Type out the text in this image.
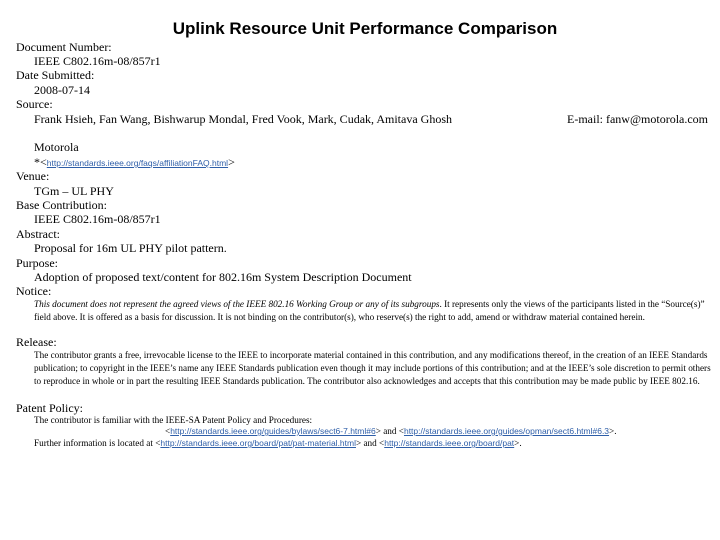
Uplink Resource Unit Performance Comparison
Document Number:
IEEE C802.16m-08/857r1
Date Submitted:
2008-07-14
Source:
Frank Hsieh, Fan Wang, Bishwarup Mondal, Fred Vook, Mark, Cudak, Amitava Ghosh	E-mail: fanw@motorola.com
Motorola
*<http://standards.ieee.org/faqs/affiliationFAQ.html>
Venue:
TGm – UL PHY
Base Contribution:
IEEE C802.16m-08/857r1
Abstract:
Proposal for 16m UL PHY pilot pattern.
Purpose:
Adoption of proposed text/content for 802.16m System Description Document
Notice:
This document does not represent the agreed views of the IEEE 802.16 Working Group or any of its subgroups. It represents only the views of the participants listed in the “Source(s)” field above. It is offered as a basis for discussion. It is not binding on the contributor(s), who reserve(s) the right to add, amend or withdraw material contained herein.
Release:
The contributor grants a free, irrevocable license to the IEEE to incorporate material contained in this contribution, and any modifications thereof, in the creation of an IEEE Standards publication; to copyright in the IEEE’s name any IEEE Standards publication even though it may include portions of this contribution; and at the IEEE’s sole discretion to permit others to reproduce in whole or in part the resulting IEEE Standards publication. The contributor also acknowledges and accepts that this contribution may be made public by IEEE 802.16.
Patent Policy:
The contributor is familiar with the IEEE-SA Patent Policy and Procedures:
<http://standards.ieee.org/guides/bylaws/sect6-7.html#6> and <http://standards.ieee.org/guides/opman/sect6.html#6.3>.
Further information is located at <http://standards.ieee.org/board/pat/pat-material.html> and <http://standards.ieee.org/board/pat>.
